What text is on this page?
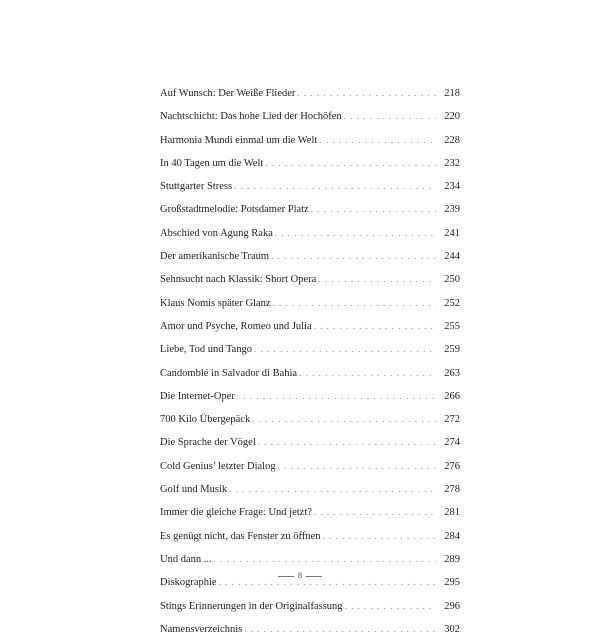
Auf Wunsch: Der Weiße Flieder . . .	218
Nachtschicht: Das hohe Lied der Hochöfen . . .	220
Harmonia Mundi einmal um die Welt . . .	228
In 40 Tagen um die Welt . . .	232
Stuttgarter Stress . . .	234
Großstadtmelodie: Potsdamer Platz . . .	239
Abschied von Agung Raka . . .	241
Der amerikanische Traum . . .	244
Sehnsucht nach Klassik: Short Opera . . .	250
Klaus Nomis später Glanz . . .	252
Amor und Psyche, Romeo und Julia . . .	255
Liebe, Tod und Tango . . .	259
Candomblé in Salvador di Bahia . . .	263
Die Internet-Oper . . .	266
700 Kilo Übergepäck . . .	272
Die Sprache der Vögel . . .	274
Cold Genius’ letzter Dialog . . .	276
Golf und Musik . . .	278
Immer die gleiche Frage: Und jetzt? . . .	281
Es genügt nicht, das Fenster zu öffnen . . .	284
Und dann ... . . .	289
Diskographie . . .	295
Stings Erinnerungen in der Originalfassung . . .	296
Namensverzeichnis . . .	302
8
